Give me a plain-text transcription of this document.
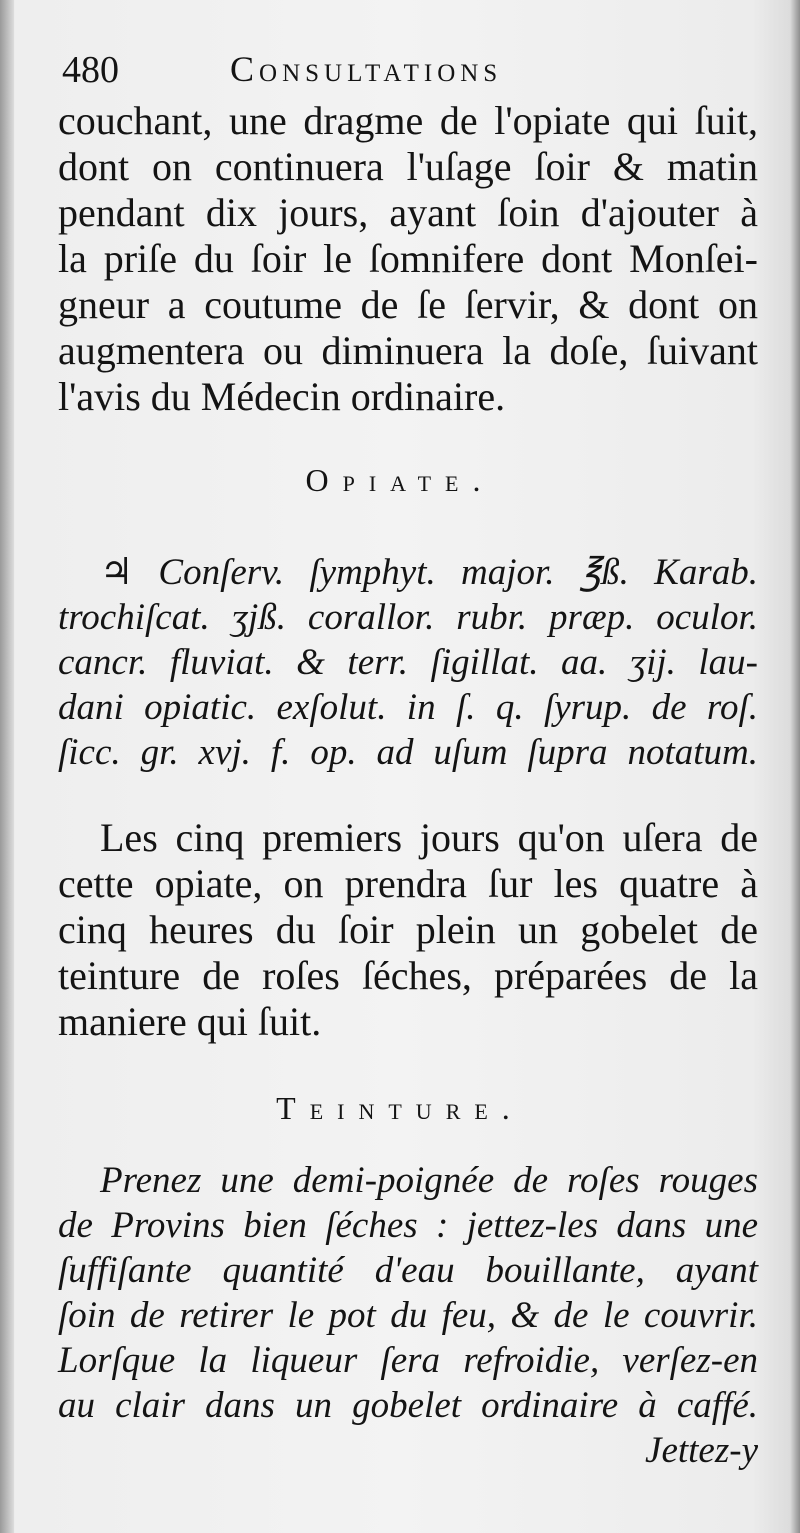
480	Consultations
couchant, une dragme de l'opiate qui ſuit,
dont on continuera l'uſage ſoir & matin
pendant dix jours, ayant ſoin d'ajouter à
la priſe du ſoir le ſomnifere dont Monſei-
gneur a coutume de ſe ſervir, & dont on
augmentera ou diminuera la doſe, ſuivant
l'avis du Médecin ordinaire.
Opiate.
♃ Conſerv. ſymphyt. major. ℥ß. Karab.
trochiſcat. ʒjß. corallor. rubr. præp. oculor.
cancr. fluviat. & terr. ſigillat. aa. ʒij. lau-
dani opiatic. exſolut. in ſ. q. ſyrup. de roſ.
ſicc. gr. xvj. f. op. ad uſum ſupra notatum.
Les cinq premiers jours qu'on uſera de
cette opiate, on prendra ſur les quatre à
cinq heures du ſoir plein un gobelet de
teinture de roſes ſéches, préparées de la
maniere qui ſuit.
Teinture.
Prenez une demi-poignée de roſes rouges
de Provins bien ſéches : jettez-les dans une
ſuffiſante quantité d'eau bouillante, ayant
ſoin de retirer le pot du feu, & de le couvrir.
Lorſque la liqueur ſera refroidie, verſez-en
au clair dans un gobelet ordinaire à caffé.
Jettez-y
